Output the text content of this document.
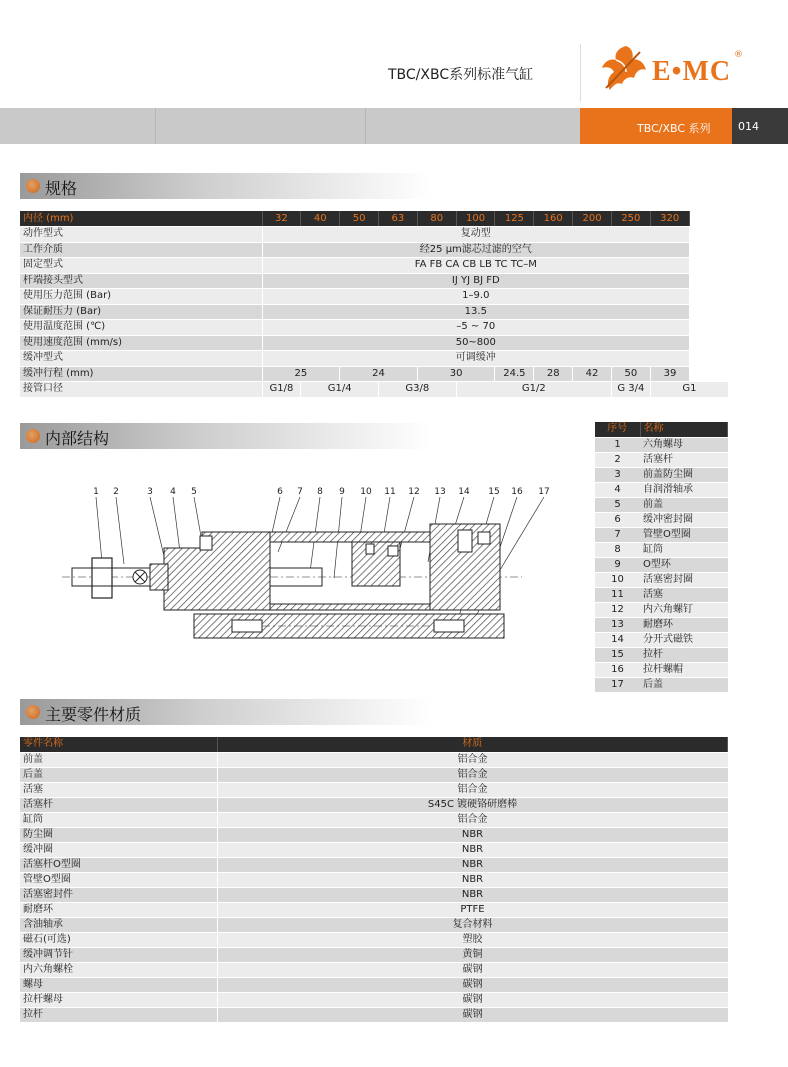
TBC/XBC系列标准气缸	E•MC
®
TBC/XBC 系列	014
规格
内径 (mm)	32	40	50	63	80	100	125	160	200	250	320
动作型式	复动型										
工作介质	经25 μm滤芯过滤的空气										
固定型式	FA FB CA CB LB TC TC–M										
杆端接头型式	IJ YJ BJ FD										
使用压力范围 (Bar)	1–9.0										
保证耐压力 (Bar)	13.5										
使用温度范围 (℃)	–5 ~ 70										
使用速度范围 (mm/s)	50~800										
缓冲型式	可调缓冲										
缓冲行程 (mm)	25		24		30		24.5	28	42	50	39
接管口径	G1/8	G1/4		G3/8		G1/2				G 3/4	G1
内部结构
1 2	3 4 5	6 7 8 9 10 11 12 13 14 15 16 17
序号	名称
1	六角螺母
2	活塞杆
3	前盖防尘圈
4	自润滑轴承
5	前盖
6	缓冲密封圈
7	管壁O型圈
8	缸筒
9	O型环
10	活塞密封圈
11	活塞
12	内六角螺钉
13	耐磨环
14	分开式磁铁
15	拉杆
16	拉杆螺帽
17	后盖
主要零件材质
零件名称	材质
前盖	铝合金
后盖	铝合金
活塞	铝合金
活塞杆	S45C 镀硬铬研磨棒
缸筒	铝合金
防尘圈	NBR
缓冲圈	NBR
活塞杆O型圈	NBR
管壁O型圈	NBR
活塞密封件	NBR
耐磨环	PTFE
含油轴承	复合材料
磁石(可选)	塑胶
缓冲调节针	黄铜
内六角螺栓	碳钢
螺母	碳钢
拉杆螺母	碳钢
拉杆	碳钢
